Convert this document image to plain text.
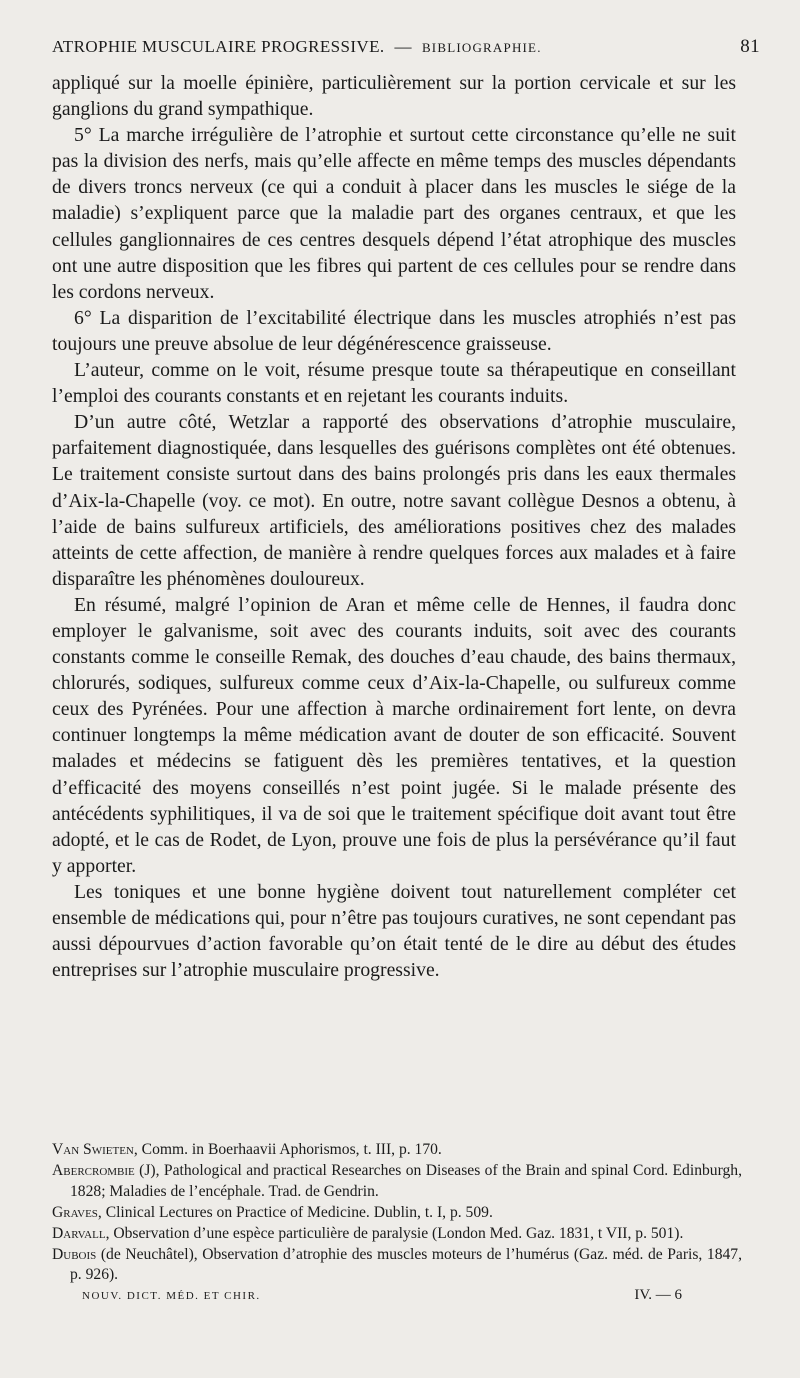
ATROPHIE MUSCULAIRE PROGRESSIVE. — BIBLIOGRAPHIE.	81

appliqué sur la moelle épinière, particulièrement sur la portion cervicale et sur les ganglions du grand sympathique.

5° La marche irrégulière de l’atrophie et surtout cette circonstance qu’elle ne suit pas la division des nerfs, mais qu’elle affecte en même temps des muscles dépendants de divers troncs nerveux (ce qui a conduit à placer dans les muscles le siége de la maladie) s’expliquent parce que la maladie part des organes centraux, et que les cellules ganglionnaires de ces centres desquels dépend l’état atrophique des muscles ont une autre disposition que les fibres qui partent de ces cellules pour se rendre dans les cordons nerveux.

6° La disparition de l’excitabilité électrique dans les muscles atrophiés n’est pas toujours une preuve absolue de leur dégénérescence graisseuse.

L’auteur, comme on le voit, résume presque toute sa thérapeutique en conseillant l’emploi des courants constants et en rejetant les courants induits.

D’un autre côté, Wetzlar a rapporté des observations d’atrophie musculaire, parfaitement diagnostiquée, dans lesquelles des guérisons complètes ont été obtenues. Le traitement consiste surtout dans des bains prolongés pris dans les eaux thermales d’Aix-la-Chapelle (voy. ce mot). En outre, notre savant collègue Desnos a obtenu, à l’aide de bains sulfureux artificiels, des améliorations positives chez des malades atteints de cette affection, de manière à rendre quelques forces aux malades et à faire disparaître les phénomènes douloureux.

En résumé, malgré l’opinion de Aran et même celle de Hennes, il faudra donc employer le galvanisme, soit avec des courants induits, soit avec des courants constants comme le conseille Remak, des douches d’eau chaude, des bains thermaux, chlorurés, sodiques, sulfureux comme ceux d’Aix-la-Chapelle, ou sulfureux comme ceux des Pyrénées. Pour une affection à marche ordinairement fort lente, on devra continuer longtemps la même médication avant de douter de son efficacité. Souvent malades et médecins se fatiguent dès les premières tentatives, et la question d’efficacité des moyens conseillés n’est point jugée. Si le malade présente des antécédents syphilitiques, il va de soi que le traitement spécifique doit avant tout être adopté, et le cas de Rodet, de Lyon, prouve une fois de plus la persévérance qu’il faut y apporter.

Les toniques et une bonne hygiène doivent tout naturellement compléter cet ensemble de médications qui, pour n’être pas toujours curatives, ne sont cependant pas aussi dépourvues d’action favorable qu’on était tenté de le dire au début des études entreprises sur l’atrophie musculaire progressive.

Van Swieten, Comm. in Boerhaavii Aphorismos, t. III, p. 170.
Abercrombie (J), Pathological and practical Researches on Diseases of the Brain and spinal Cord. Edinburgh, 1828; Maladies de l’encéphale. Trad. de Gendrin.
Graves, Clinical Lectures on Practice of Medicine. Dublin, t. I, p. 509.
Darvall, Observation d’une espèce particulière de paralysie (London Med. Gaz. 1831, t VII, p. 501).
Dubois (de Neuchâtel), Observation d’atrophie des muscles moteurs de l’humérus (Gaz. méd. de Paris, 1847, p. 926).
NOUV. DICT. MÉD. ET CHIR.	IV. — 6
